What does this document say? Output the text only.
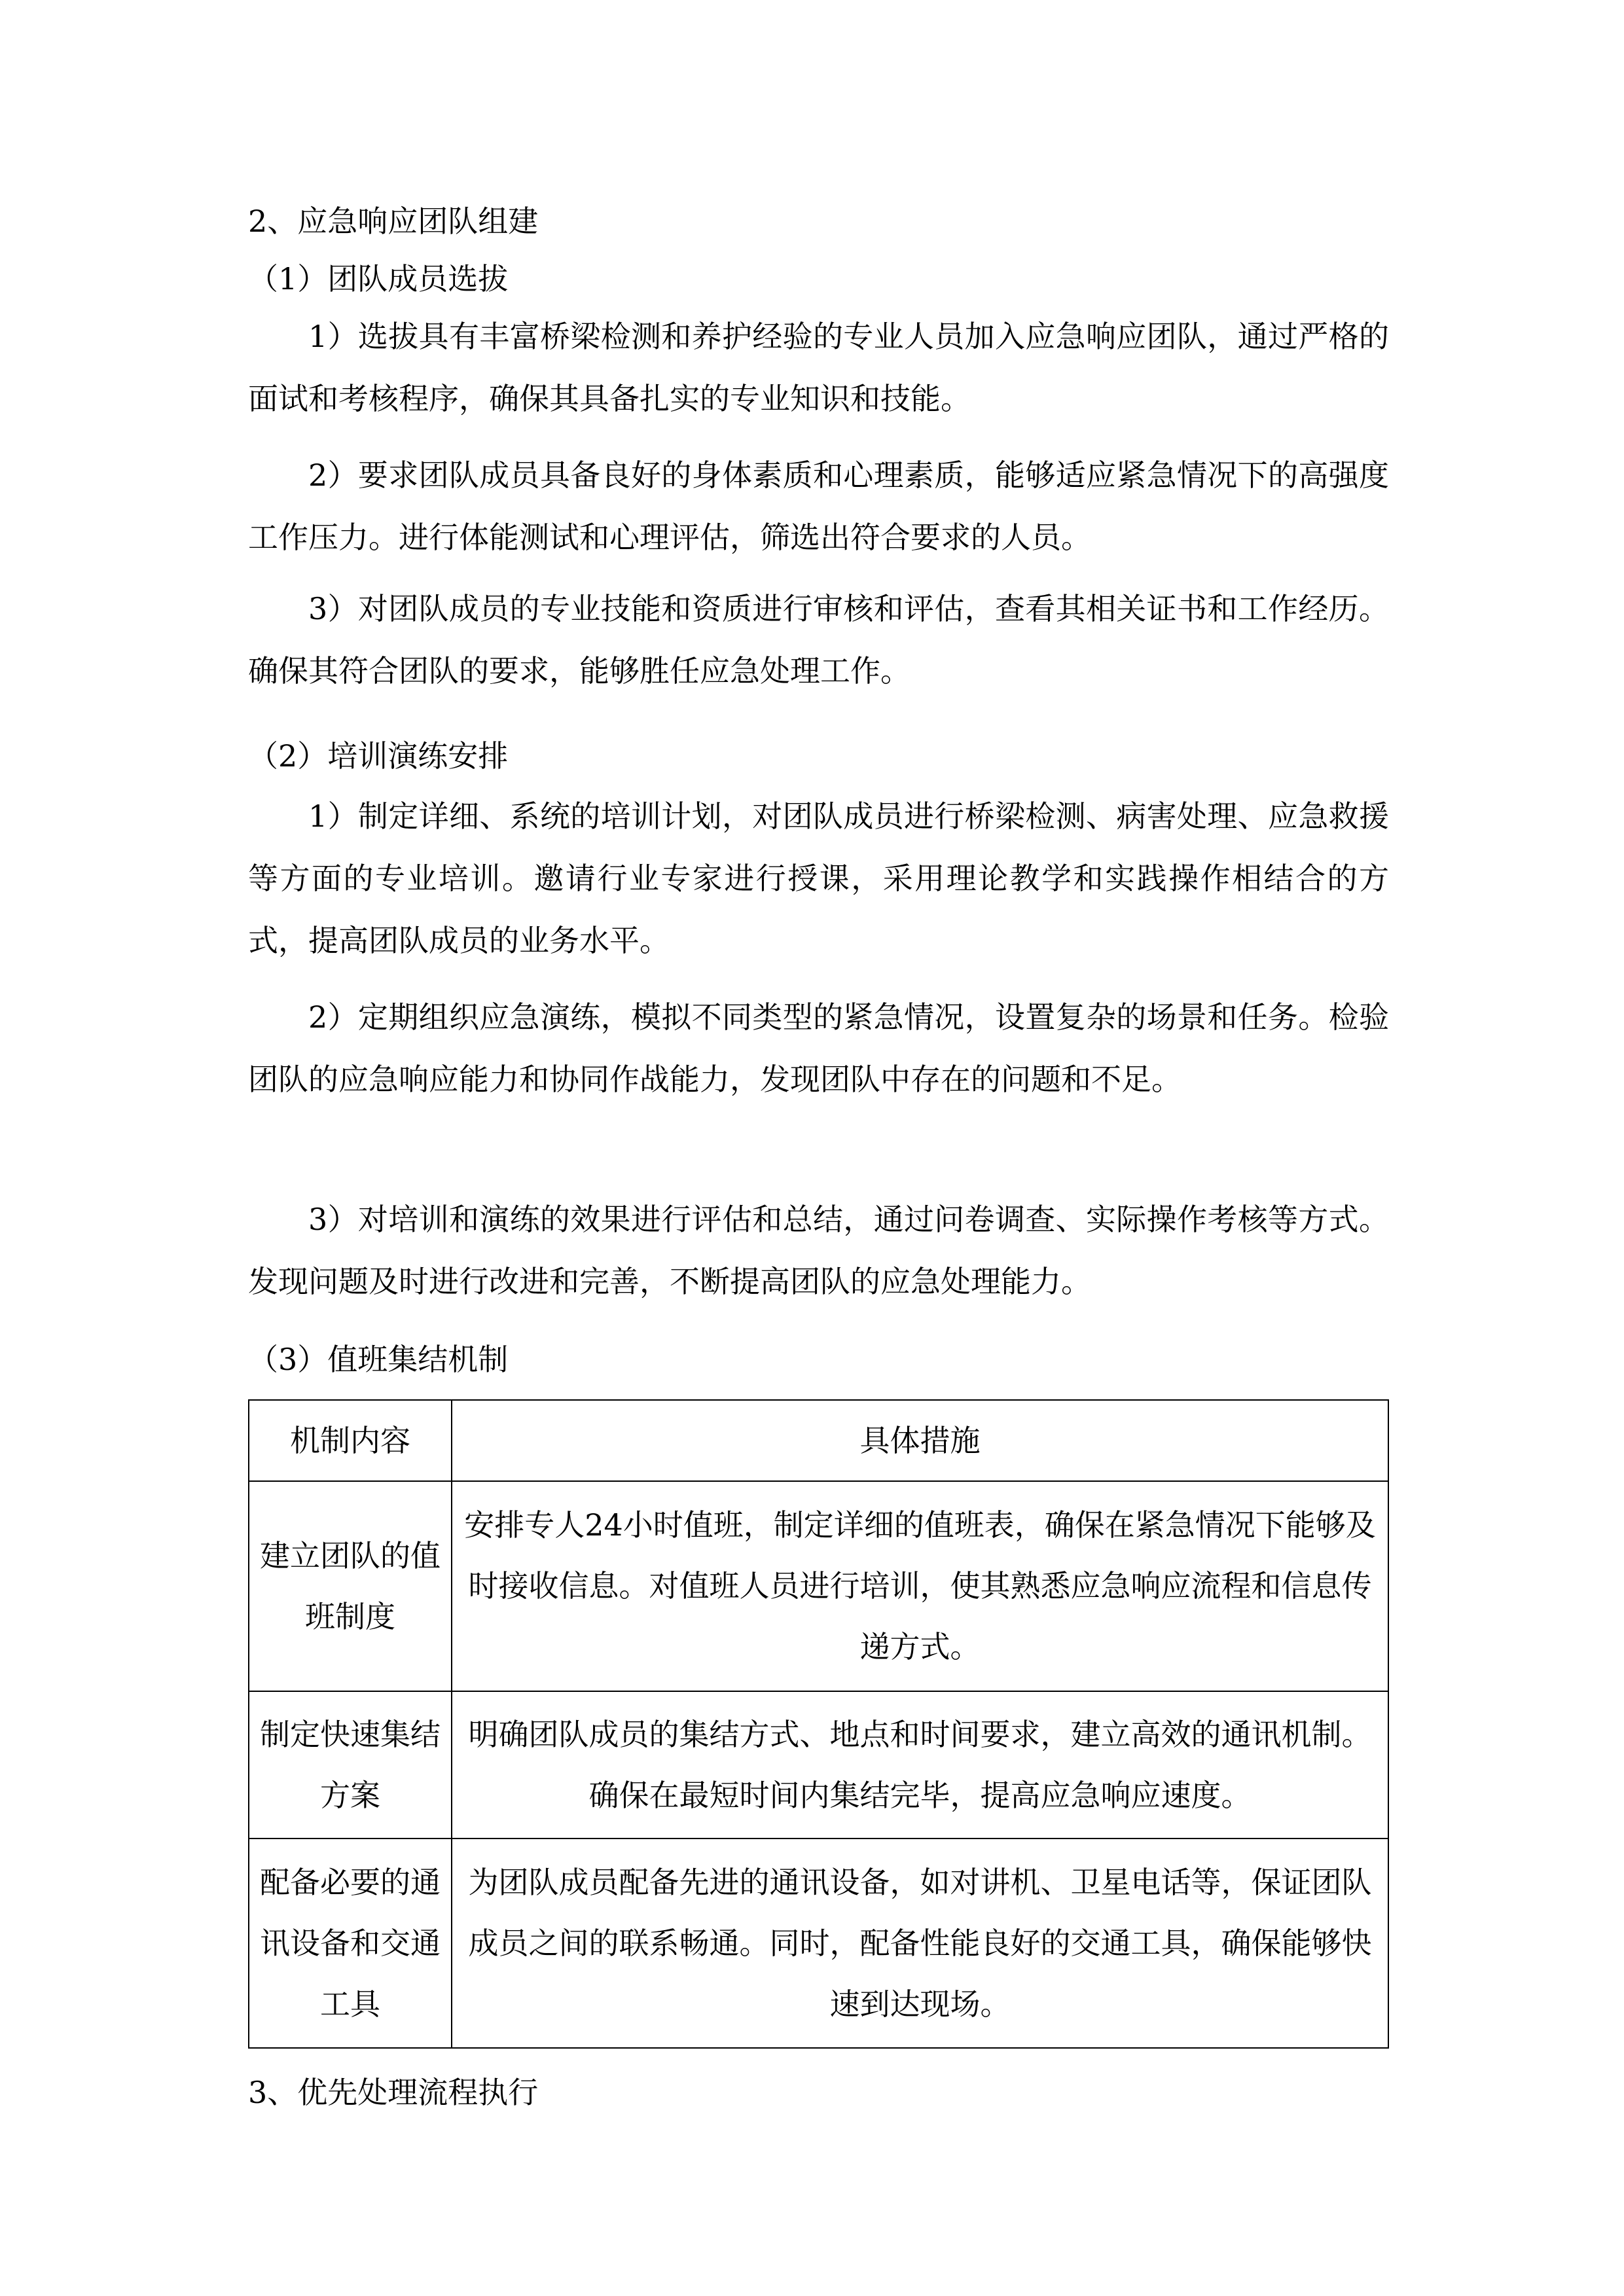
2、应急响应团队组建
（1）团队成员选拔
1）选拔具有丰富桥梁检测和养护经验的专业人员加入应急响应团队，通过严格的面试和考核程序，确保其具备扎实的专业知识和技能。
2）要求团队成员具备良好的身体素质和心理素质，能够适应紧急情况下的高强度工作压力。进行体能测试和心理评估，筛选出符合要求的人员。
3）对团队成员的专业技能和资质进行审核和评估，查看其相关证书和工作经历。确保其符合团队的要求，能够胜任应急处理工作。
（2）培训演练安排
1）制定详细、系统的培训计划，对团队成员进行桥梁检测、病害处理、应急救援等方面的专业培训。邀请行业专家进行授课，采用理论教学和实践操作相结合的方式，提高团队成员的业务水平。
2）定期组织应急演练，模拟不同类型的紧急情况，设置复杂的场景和任务。检验团队的应急响应能力和协同作战能力，发现团队中存在的问题和不足。
3）对培训和演练的效果进行评估和总结，通过问卷调查、实际操作考核等方式。发现问题及时进行改进和完善，不断提高团队的应急处理能力。
（3）值班集结机制
机制内容	具体措施
建立团队的值班制度	安排专人24小时值班，制定详细的值班表，确保在紧急情况下能够及时接收信息。对值班人员进行培训，使其熟悉应急响应流程和信息传递方式。
制定快速集结方案	明确团队成员的集结方式、地点和时间要求，建立高效的通讯机制。确保在最短时间内集结完毕，提高应急响应速度。
配备必要的通讯设备和交通工具	为团队成员配备先进的通讯设备，如对讲机、卫星电话等，保证团队成员之间的联系畅通。同时，配备性能良好的交通工具，确保能够快速到达现场。
3、优先处理流程执行
